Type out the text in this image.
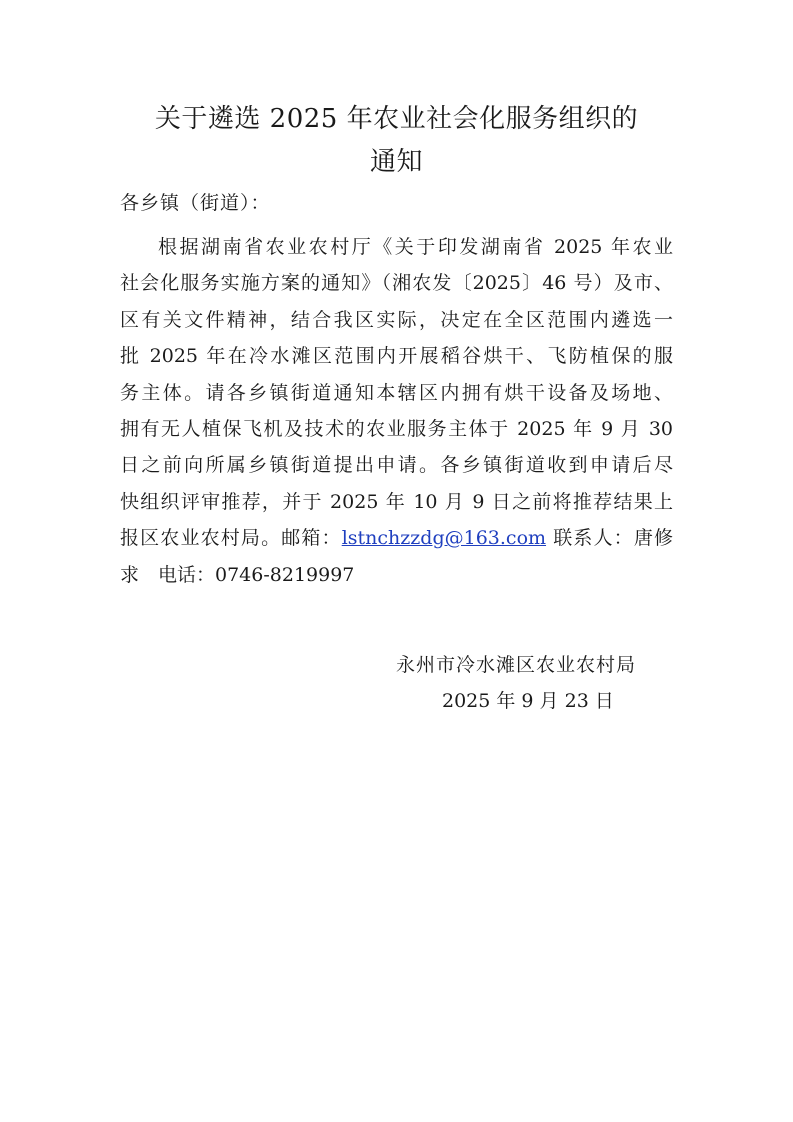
关于遴选 2025 年农业社会化服务组织的
通知
各乡镇（街道）：
根据湖南省农业农村厅《关于印发湖南省 2025 年农业
社会化服务实施方案的通知》（湘农发〔2025〕46 号）及市、
区有关文件精神，结合我区实际，决定在全区范围内遴选一
批 2025 年在冷水滩区范围内开展稻谷烘干、飞防植保的服
务主体。请各乡镇街道通知本辖区内拥有烘干设备及场地、
拥有无人植保飞机及技术的农业服务主体于 2025 年 9 月 30
日之前向所属乡镇街道提出申请。各乡镇街道收到申请后尽
快组织评审推荐，并于 2025 年 10 月 9 日之前将推荐结果上
报区农业农村局。邮箱：lstnchzzdg@163.com 联系人：唐修
求　电话：0746-8219997
永州市冷水滩区农业农村局
2025 年 9 月 23 日
